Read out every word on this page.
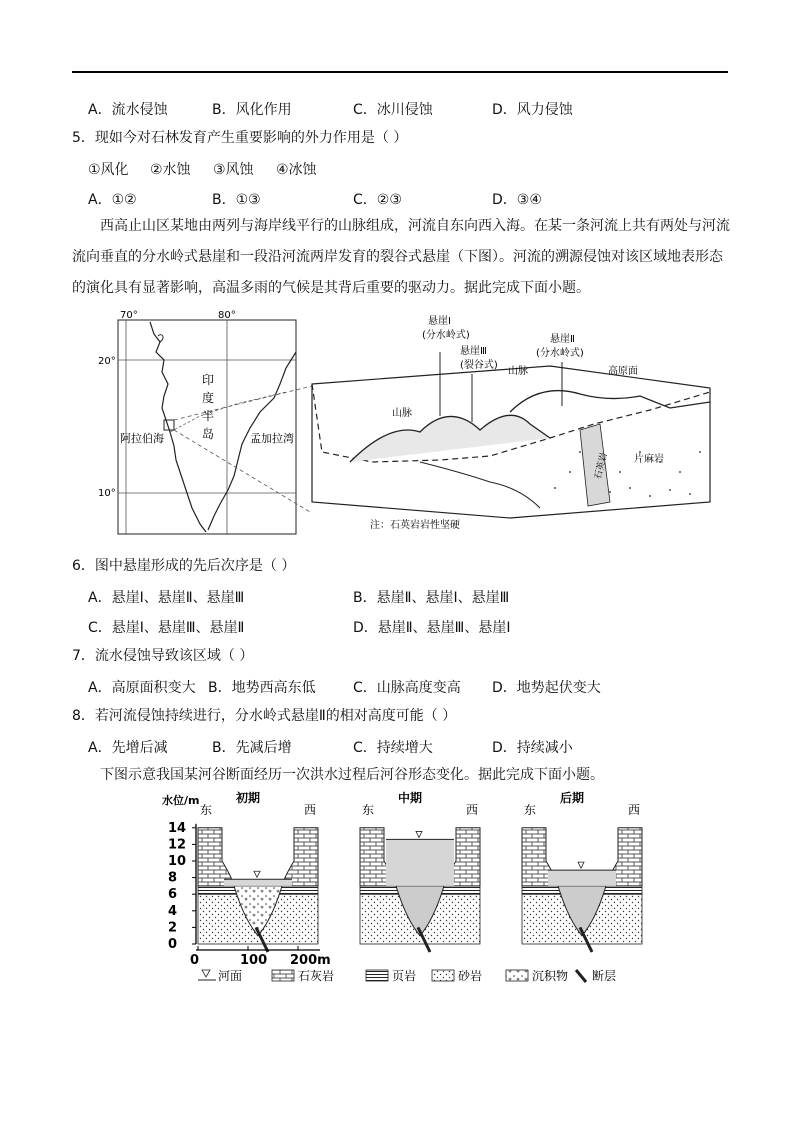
A．流水侵蚀	B．风化作用	C．冰川侵蚀	D．风力侵蚀
5．现如今对石林发育产生重要影响的外力作用是（ ）
①风化 ②水蚀 ③风蚀 ④冰蚀
A．①②	B．①③	C．②③	D．③④
西高止山区某地由两列与海岸线平行的山脉组成，河流自东向西入海。在某一条河流上共有两处与河流流向垂直的分水岭式悬崖和一段沿河流两岸发育的裂谷式悬崖（下图）。河流的溯源侵蚀对该区域地表形态的演化具有显著影响，高温多雨的气候是其背后重要的驱动力。据此完成下面小题。
70°	80°
20°
10°
印
度
半
岛
阿拉伯海	孟加拉湾
悬崖Ⅰ
(分水岭式)
悬崖Ⅲ
(裂谷式)
悬崖Ⅱ
(分水岭式)
山脉	高原面
山脉
片麻岩
石英岩
注：石英岩岩性坚硬
6．图中悬崖形成的先后次序是（ ）
A．悬崖Ⅰ、悬崖Ⅱ、悬崖Ⅲ	B．悬崖Ⅱ、悬崖Ⅰ、悬崖Ⅲ
C．悬崖Ⅰ、悬崖Ⅲ、悬崖Ⅱ	D．悬崖Ⅱ、悬崖Ⅲ、悬崖Ⅰ
7．流水侵蚀导致该区域（ ）
A．高原面积变大 B．地势西高东低	C．山脉高度变高 D．地势起伏变大
8．若河流侵蚀持续进行，分水岭式悬崖Ⅱ的相对高度可能（ ）
A．先增后减	B．先减后增	C．持续增大	D．持续减小
下图示意我国某河谷断面经历一次洪水过程后河谷形态变化。据此完成下面小题。
水位/m
14
12
10
8
6
4
2
0
初期
东	西
中期
东	西
后期
东	西
0	100 200m
河面	石灰岩	页岩	砂岩	沉积物 断层
